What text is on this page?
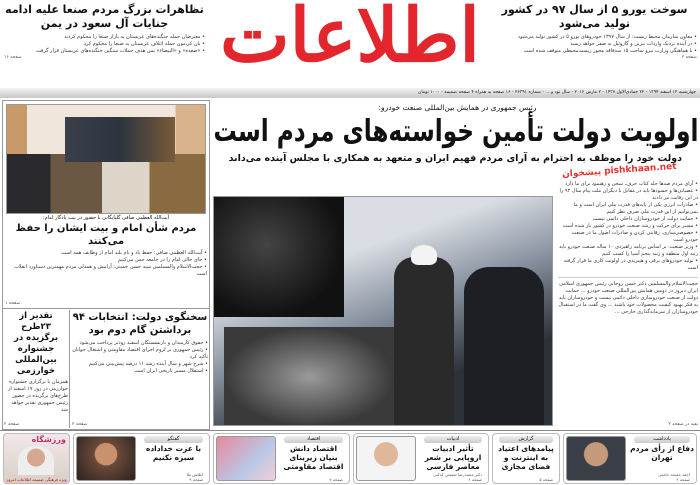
تظاهرات بزرگ مردم صنعا علیه ادامه جنایات آل سعود در یمن
• معترضان حمله جنگنده‌های عربستان به بازار صنعا را محکوم کردند
• بان کی‌مون حمله ائتلاف عربستان به صنعا را محکوم کرد
• «صعده» و «البیضاء» یمن هدف حملات سنگین جنگنده‌های عربستان قرار گرفت
صفحه ۱۶	اطلاعات	سوخت یورو ۵ از سال ۹۷ در کشور تولید می‌شود
• معاون سازمان محیط زیست: از سال ۱۳۹۷ خودروهای یورو ۵ در کشور تولید می‌شود
• در آینده نزدیک واردات بنزین و گازوئیل به صفر خواهد رسید
• با هماهنگی وزارت نیرو ساخت ۱۵ سدفاقد مجوز زیست‌محیطی متوقف شده است
صفحه ۲
چهارشنبه ۱۲ اسفند ۱۳۹۴ - ۲۲ جمادی‌الاول ۱۴۳۷ - ۲ مارس ۲۰۱۶ - سال نود و ... - شماره ۲۶۳۹۱ - ۱۶ صفحه به همراه ۴ صفحه ضمیمه - ۱۰۰۰ تومان
آیت‌الله العظمی صافی گلپایگانی با حضور در بیت یادگار امام:
مردم شأن امام و بیت ایشان را حفظ می‌کنند
• آیت‌الله العظمی صافی: حفظ یاد و نام بلند امام از وظایف همه است
• جای خالی امام را در جامعه حس می‌کنیم
• حجت‌الاسلام والمسلمین سید حسن خمینی: آرامش و همدلی مردم مهمترین دستاورد انقلاب است
صفحه ۱
سخنگوی دولت: انتخابات ۹۴ برداشتن گام دوم بود
• حقوق کارمندان و بازنشستگان اسفند زودتر پرداخت می‌شود
• رئیس جمهوری بر لزوم اجرای اقتصاد مقاومتی و اشتغال جوانان تأکید کرد
• شرح شهر و سال آینده رشد ۱۱ درصد پیش‌بینی می‌کنیم
• استقلال مسیر تاریخی ایران است
صفحه ۲
تقدیر از ۲۳طرح برگزیده در جشنواره بین‌المللی خوارزمی
همزمان با برگزاری جشنواره خوارزمی در روز ۱۷ اسفند از طرح‌های برگزیده در حضور رئیس جمهوری تقدیر خواهد شد
صفحه ۲
رئیس جمهوری در همایش بین‌المللی صنعت خودرو:
اولویت دولت تأمین خواسته‌های مردم است
دولت خود را موظف به احترام به آرای مردم فهیم ایران و متعهد به همکاری با مجلس آینده می‌داند
پیشخوان pishkhaan.net
• آرای مردم صدها جلد کتاب حرف، سخن و رهنمود برای ما دارد
• عصبانی‌ها و حسودها باید در مقابل با دیگران ملت پیام سال ۹۲ را در این رقابت نیز دادند
• صادرات انرژی یکی از پایه‌های قدرت ملی ایران است و ما نمی‌توانیم از این قدرت ملی صرف نظر کنیم
• حمایت دولت از خودروسازان داخلی دائمی نیست
• مسیر برای حرکت و رشد صنعت خودرو در کشور باز شده است
• خصوصی‌سازی، رقابتی کردن و صادرات اصول ما در صنعت خودرو است
• وزیر صنعت: بر اساس برنامه راهبردی ۱۰ ساله صنعت خودرو باید رتبه اول منطقه و رتبه پنجم آسیا را کسب کنیم
• تولید خودروهای برقی و هیبریدی در اولویت کاری ما قرار گرفته است
حجت‌الاسلام والمسلمین دکتر حسن روحانی رئیس جمهوری اسلامی ایران دیروز در دومین همایش بین‌المللی صنعت خودرو ... حمایت دولت از صنعت خودروسازی داخلی دائمی نیست و خودروسازان باید به فکر بهبود کیفیت محصولات خود باشند ... وی گفت ما در استقبال خودروسازان از سرمایه‌گذاری خارجی ...
بقیه در صفحه ۲
یادداشت
دفاع از رأی مردم تهران
احمد مسجد جامعی
صفحه ۲
گزارش
پیامدهای اعتیاد به اینترنت و فضای مجازی
صفحه ۵
ادبیات
تأثیر ادبیات اروپایی بر شعر معاصر فارسی
دکتر محمدرضا شفیعی کدکنی
صفحه ۶
اقتصاد
اقتصاد دانش بنیان زیربنای اقتصاد مقاومتی
صفحه ۷
گفتگو
با عزت خداداده سبزه نکنیم
اطلس ملا
صفحه ۹
ورزشگاه
ویژه فرهنگی ضمیمه اطلاعات امروز
